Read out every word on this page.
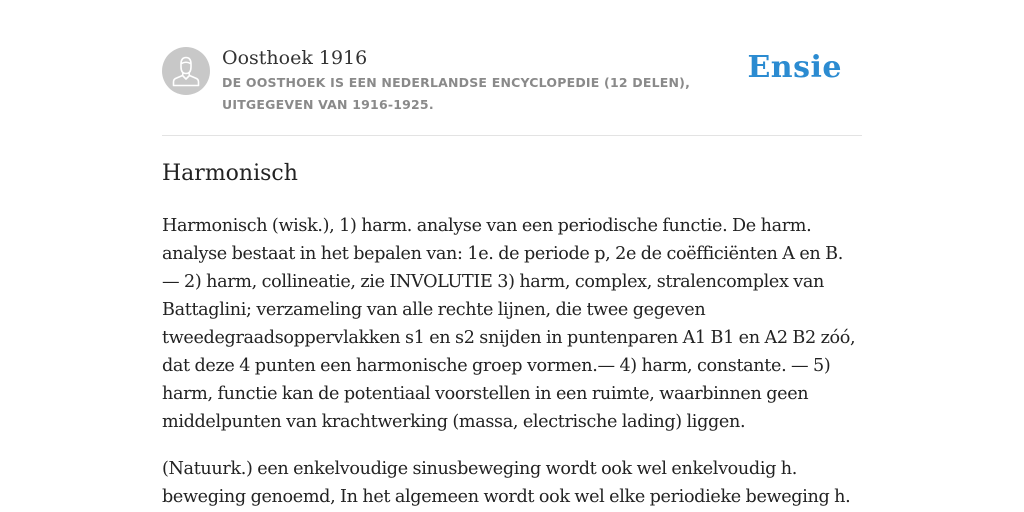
Oosthoek 1916
DE OOSTHOEK IS EEN NEDERLANDSE ENCYCLOPEDIE (12 DELEN), UITGEGEVEN VAN 1916-1925.
Ensie
Harmonisch

Harmonisch (wisk.), 1) harm. analyse van een periodische functie. De harm. analyse bestaat in het bepalen van: 1e. de periode p, 2e de coëfficiënten A en B. — 2) harm, collineatie, zie INVOLUTIE 3) harm, complex, stralencomplex van Battaglini; verzameling van alle rechte lijnen, die twee gegeven tweedegraadsoppervlakken s1 en s2 snijden in puntenparen A1 B1 en A2 B2 zóó, dat deze 4 punten een harmonische groep vormen.— 4) harm, constante. — 5) harm, functie kan de potentiaal voorstellen in een ruimte, waarbinnen geen middelpunten van krachtwerking (massa, electrische lading) liggen.

(Natuurk.) een enkelvoudige sinusbeweging wordt ook wel enkelvoudig h. beweging genoemd, In het algemeen wordt ook wel elke periodieke beweging h.
